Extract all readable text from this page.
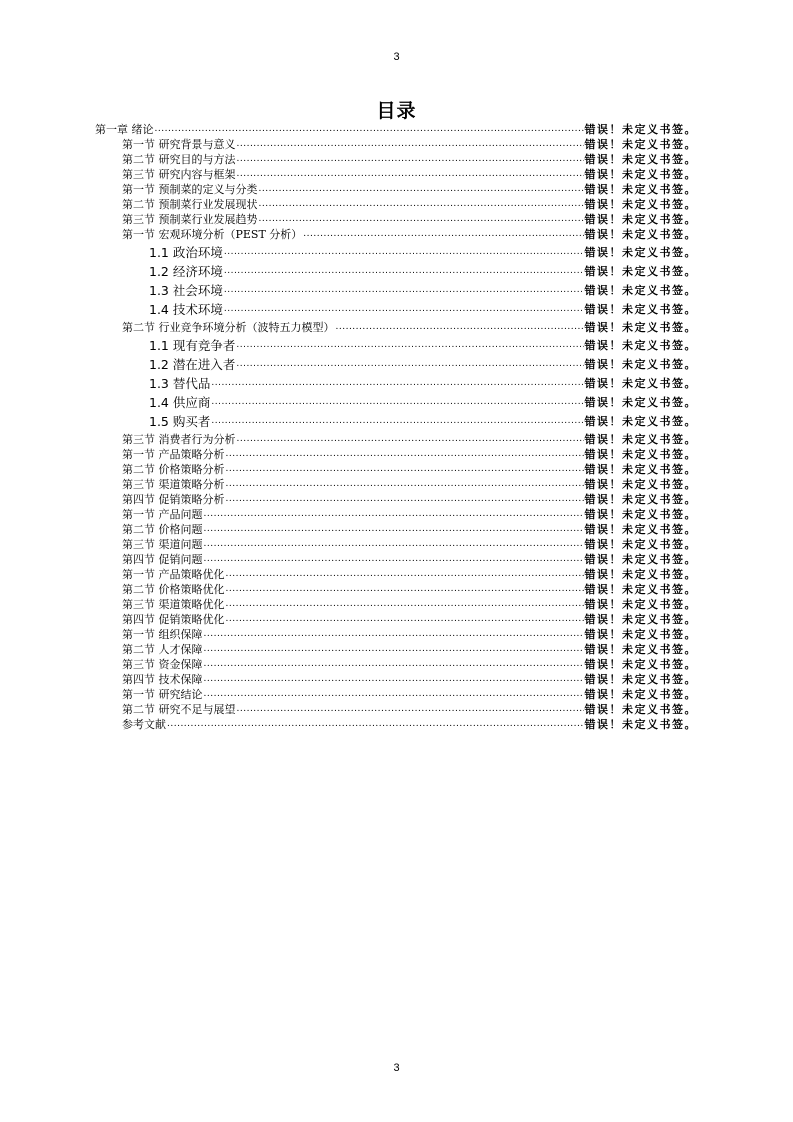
3
目录
第一章 绪论 .....	错误！未定义书签。
第一节 研究背景与意义 .....	错误！未定义书签。
第二节 研究目的与方法 .....	错误！未定义书签。
第三节 研究内容与框架 .....	错误！未定义书签。
第一节 预制菜的定义与分类 .....	错误！未定义书签。
第二节 预制菜行业发展现状 .....	错误！未定义书签。
第三节 预制菜行业发展趋势 .....	错误！未定义书签。
第一节 宏观环境分析（PEST 分析） .....	错误！未定义书签。
1.1 政治环境 .....	错误！未定义书签。
1.2 经济环境 .....	错误！未定义书签。
1.3 社会环境 .....	错误！未定义书签。
1.4 技术环境 .....	错误！未定义书签。
第二节 行业竞争环境分析（波特五力模型） .....	错误！未定义书签。
1.1 现有竞争者 .....	错误！未定义书签。
1.2 潜在进入者 .....	错误！未定义书签。
1.3 替代品 .....	错误！未定义书签。
1.4 供应商 .....	错误！未定义书签。
1.5 购买者 .....	错误！未定义书签。
第三节 消费者行为分析 .....	错误！未定义书签。
第一节 产品策略分析 .....	错误！未定义书签。
第二节 价格策略分析 .....	错误！未定义书签。
第三节 渠道策略分析 .....	错误！未定义书签。
第四节 促销策略分析 .....	错误！未定义书签。
第一节 产品问题 .....	错误！未定义书签。
第二节 价格问题 .....	错误！未定义书签。
第三节 渠道问题 .....	错误！未定义书签。
第四节 促销问题 .....	错误！未定义书签。
第一节 产品策略优化 .....	错误！未定义书签。
第二节 价格策略优化 .....	错误！未定义书签。
第三节 渠道策略优化 .....	错误！未定义书签。
第四节 促销策略优化 .....	错误！未定义书签。
第一节 组织保障 .....	错误！未定义书签。
第二节 人才保障 .....	错误！未定义书签。
第三节 资金保障 .....	错误！未定义书签。
第四节 技术保障 .....	错误！未定义书签。
第一节 研究结论 .....	错误！未定义书签。
第二节 研究不足与展望 .....	错误！未定义书签。
参考文献 .....	错误！未定义书签。
3
